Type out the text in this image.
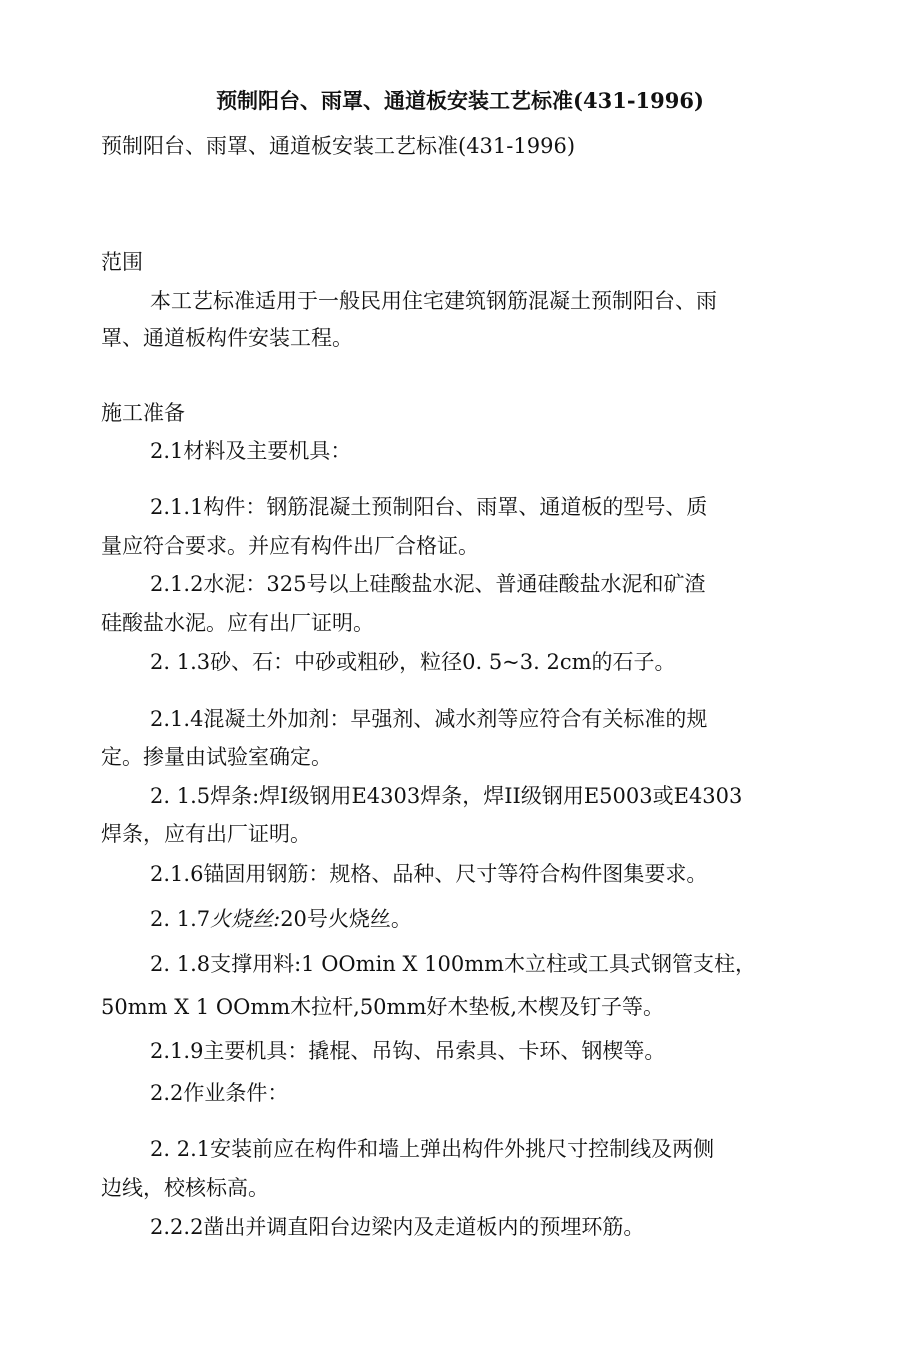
预制阳台、雨罩、通道板安装工艺标准(431-1996)

预制阳台、雨罩、通道板安装工艺标准(431-1996)

范围

本工艺标准适用于一般民用住宅建筑钢筋混凝土预制阳台、雨

罩、通道板构件安装工程。

施工准备

2.1材料及主要机具：

2.1.1构件：钢筋混凝土预制阳台、雨罩、通道板的型号、质

量应符合要求。并应有构件出厂合格证。

2.1.2水泥：325号以上硅酸盐水泥、普通硅酸盐水泥和矿渣

硅酸盐水泥。应有出厂证明。

2. 1.3砂、石：中砂或粗砂，粒径0. 5~3. 2cm的石子。

2.1.4混凝土外加剂：早强剂、减水剂等应符合有关标准的规

定。掺量由试验室确定。

2. 1.5焊条:焊I级钢用E4303焊条，焊II级钢用E5003或E4303

焊条，应有出厂证明。

2.1.6锚固用钢筋：规格、品种、尺寸等符合构件图集要求。

2. 1.7火烧丝:20号火烧丝。

2. 1.8支撑用料:1 OOmin X 100mm木立柱或工具式钢管支柱，

50mm X 1 OOmm木拉杆,50mm好木垫板,木楔及钉子等。

2.1.9主要机具：撬棍、吊钩、吊索具、卡环、钢楔等。

2.2作业条件：

2. 2.1安装前应在构件和墙上弹出构件外挑尺寸控制线及两侧

边线，校核标高。

2.2.2凿出并调直阳台边梁内及走道板内的预埋环筋。
